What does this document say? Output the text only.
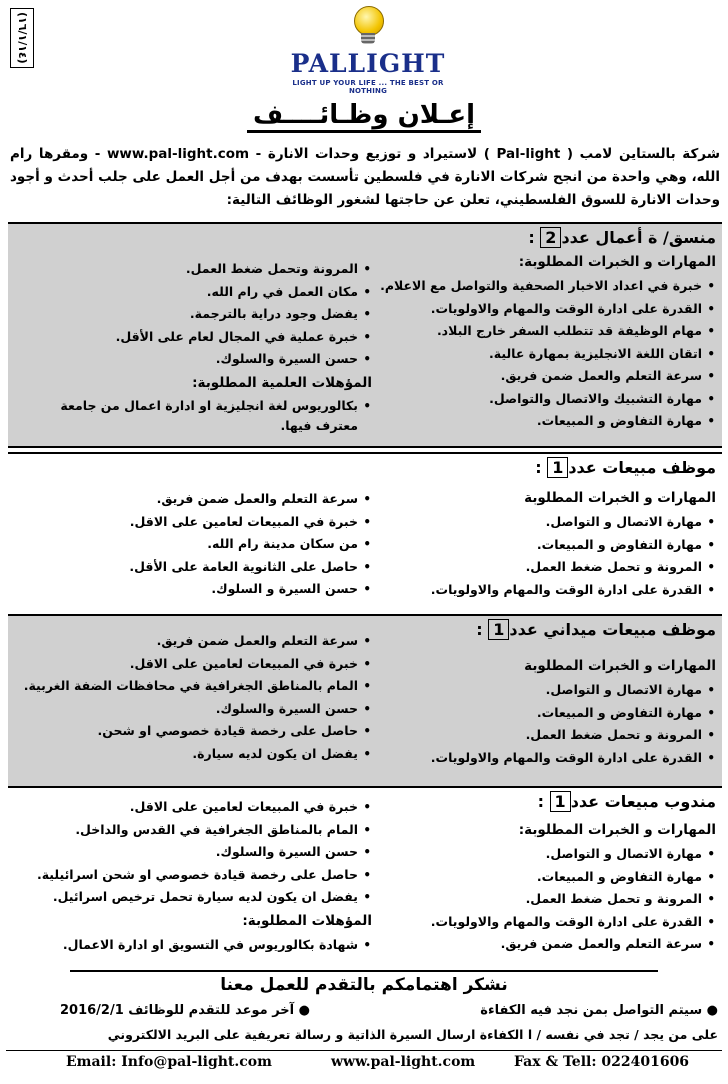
(١٦/١/١٤)	PALLIGHT
LIGHT UP YOUR LIFE ... THE BEST OR NOTHING
إعـلان وظـائــــف
شركة بالستاين لامب ( Pal-light ) لاستيراد و توزيع وحدات الانارة - www.pal-light.com - ومقرها رام الله، وهي واحدة من انجح شركات الانارة في فلسطين تأسست بهدف من أجل العمل على جلب أحدث و أجود وحدات الانارة للسوق الفلسطيني، تعلن عن حاجتها لشغور الوظائف التالية:
منسق/ ة أعمال عدد2 :
المهارات و الخبرات المطلوبة:
• خبرة في اعداد الاخبار الصحفية والتواصل مع الاعلام.
• القدرة على ادارة الوقت والمهام والاولويات.
• مهام الوظيفة قد تتطلب السفر خارج البلاد.
• اتقان اللغة الانجليزية بمهارة عالية.
• سرعة التعلم والعمل ضمن فريق.
• مهارة التشبيك والاتصال والتواصل.
• مهارة التفاوض و المبيعات.
• المرونة وتحمل ضغط العمل.
• مكان العمل في رام الله.
• يفضل وجود دراية بالترجمة.
• خبرة عملية في المجال لعام على الأقل.
• حسن السيرة والسلوك.
المؤهلات العلمية المطلوبة:
• بكالوريوس لغة انجليزية او ادارة اعمال من جامعة معترف فيها.
موظف مبيعات عدد1 :
المهارات و الخبرات المطلوبة
• مهارة الاتصال و التواصل.
• مهارة التفاوض و المبيعات.
• المرونة و تحمل ضغط العمل.
• القدرة على ادارة الوقت والمهام والاولويات.
• سرعة التعلم والعمل ضمن فريق.
• خبرة في المبيعات لعامين على الاقل.
• من سكان مدينة رام الله.
• حاصل على الثانوية العامة على الأقل.
• حسن السيرة و السلوك.
موظف مبيعات ميداني عدد1 :
المهارات و الخبرات المطلوبة
• مهارة الاتصال و التواصل.
• مهارة التفاوض و المبيعات.
• المرونة و تحمل ضغط العمل.
• القدرة على ادارة الوقت والمهام والاولويات.
• سرعة التعلم والعمل ضمن فريق.
• خبرة في المبيعات لعامين على الاقل.
• المام بالمناطق الجغرافية في محافظات الضفة الغربية.
• حسن السيرة والسلوك.
• حاصل على رخصة قيادة خصوصي او شحن.
• يفضل ان يكون لديه سيارة.
مندوب مبيعات عدد1 :
المهارات و الخبرات المطلوبة:
• مهارة الاتصال و التواصل.
• مهارة التفاوض و المبيعات.
• المرونة و تحمل ضغط العمل.
• القدرة على ادارة الوقت والمهام والاولويات.
• سرعة التعلم والعمل ضمن فريق.
• خبرة في المبيعات لعامين على الاقل.
• المام بالمناطق الجغرافية في القدس والداخل.
• حسن السيرة والسلوك.
• حاصل على رخصة قيادة خصوصي او شحن اسرائيلية.
• يفضل ان يكون لديه سيارة تحمل ترخيص اسرائيل.
المؤهلات المطلوبة:
• شهادة بكالوريوس في التسويق او ادارة الاعمال.
نشكر اهتمامكم بالتقدم للعمل معنا
● سيتم التواصل بمن نجد فيه الكفاءة
● آخر موعد للتقدم للوظائف 2016/2/1
على من يجد / تجد في نفسه / ا الكفاءة ارسال السيرة الذاتية و رسالة تعريفية على البريد الالكتروني
Email: Info@pal-light.com	www.pal-light.com	Fax & Tell: 022401606
